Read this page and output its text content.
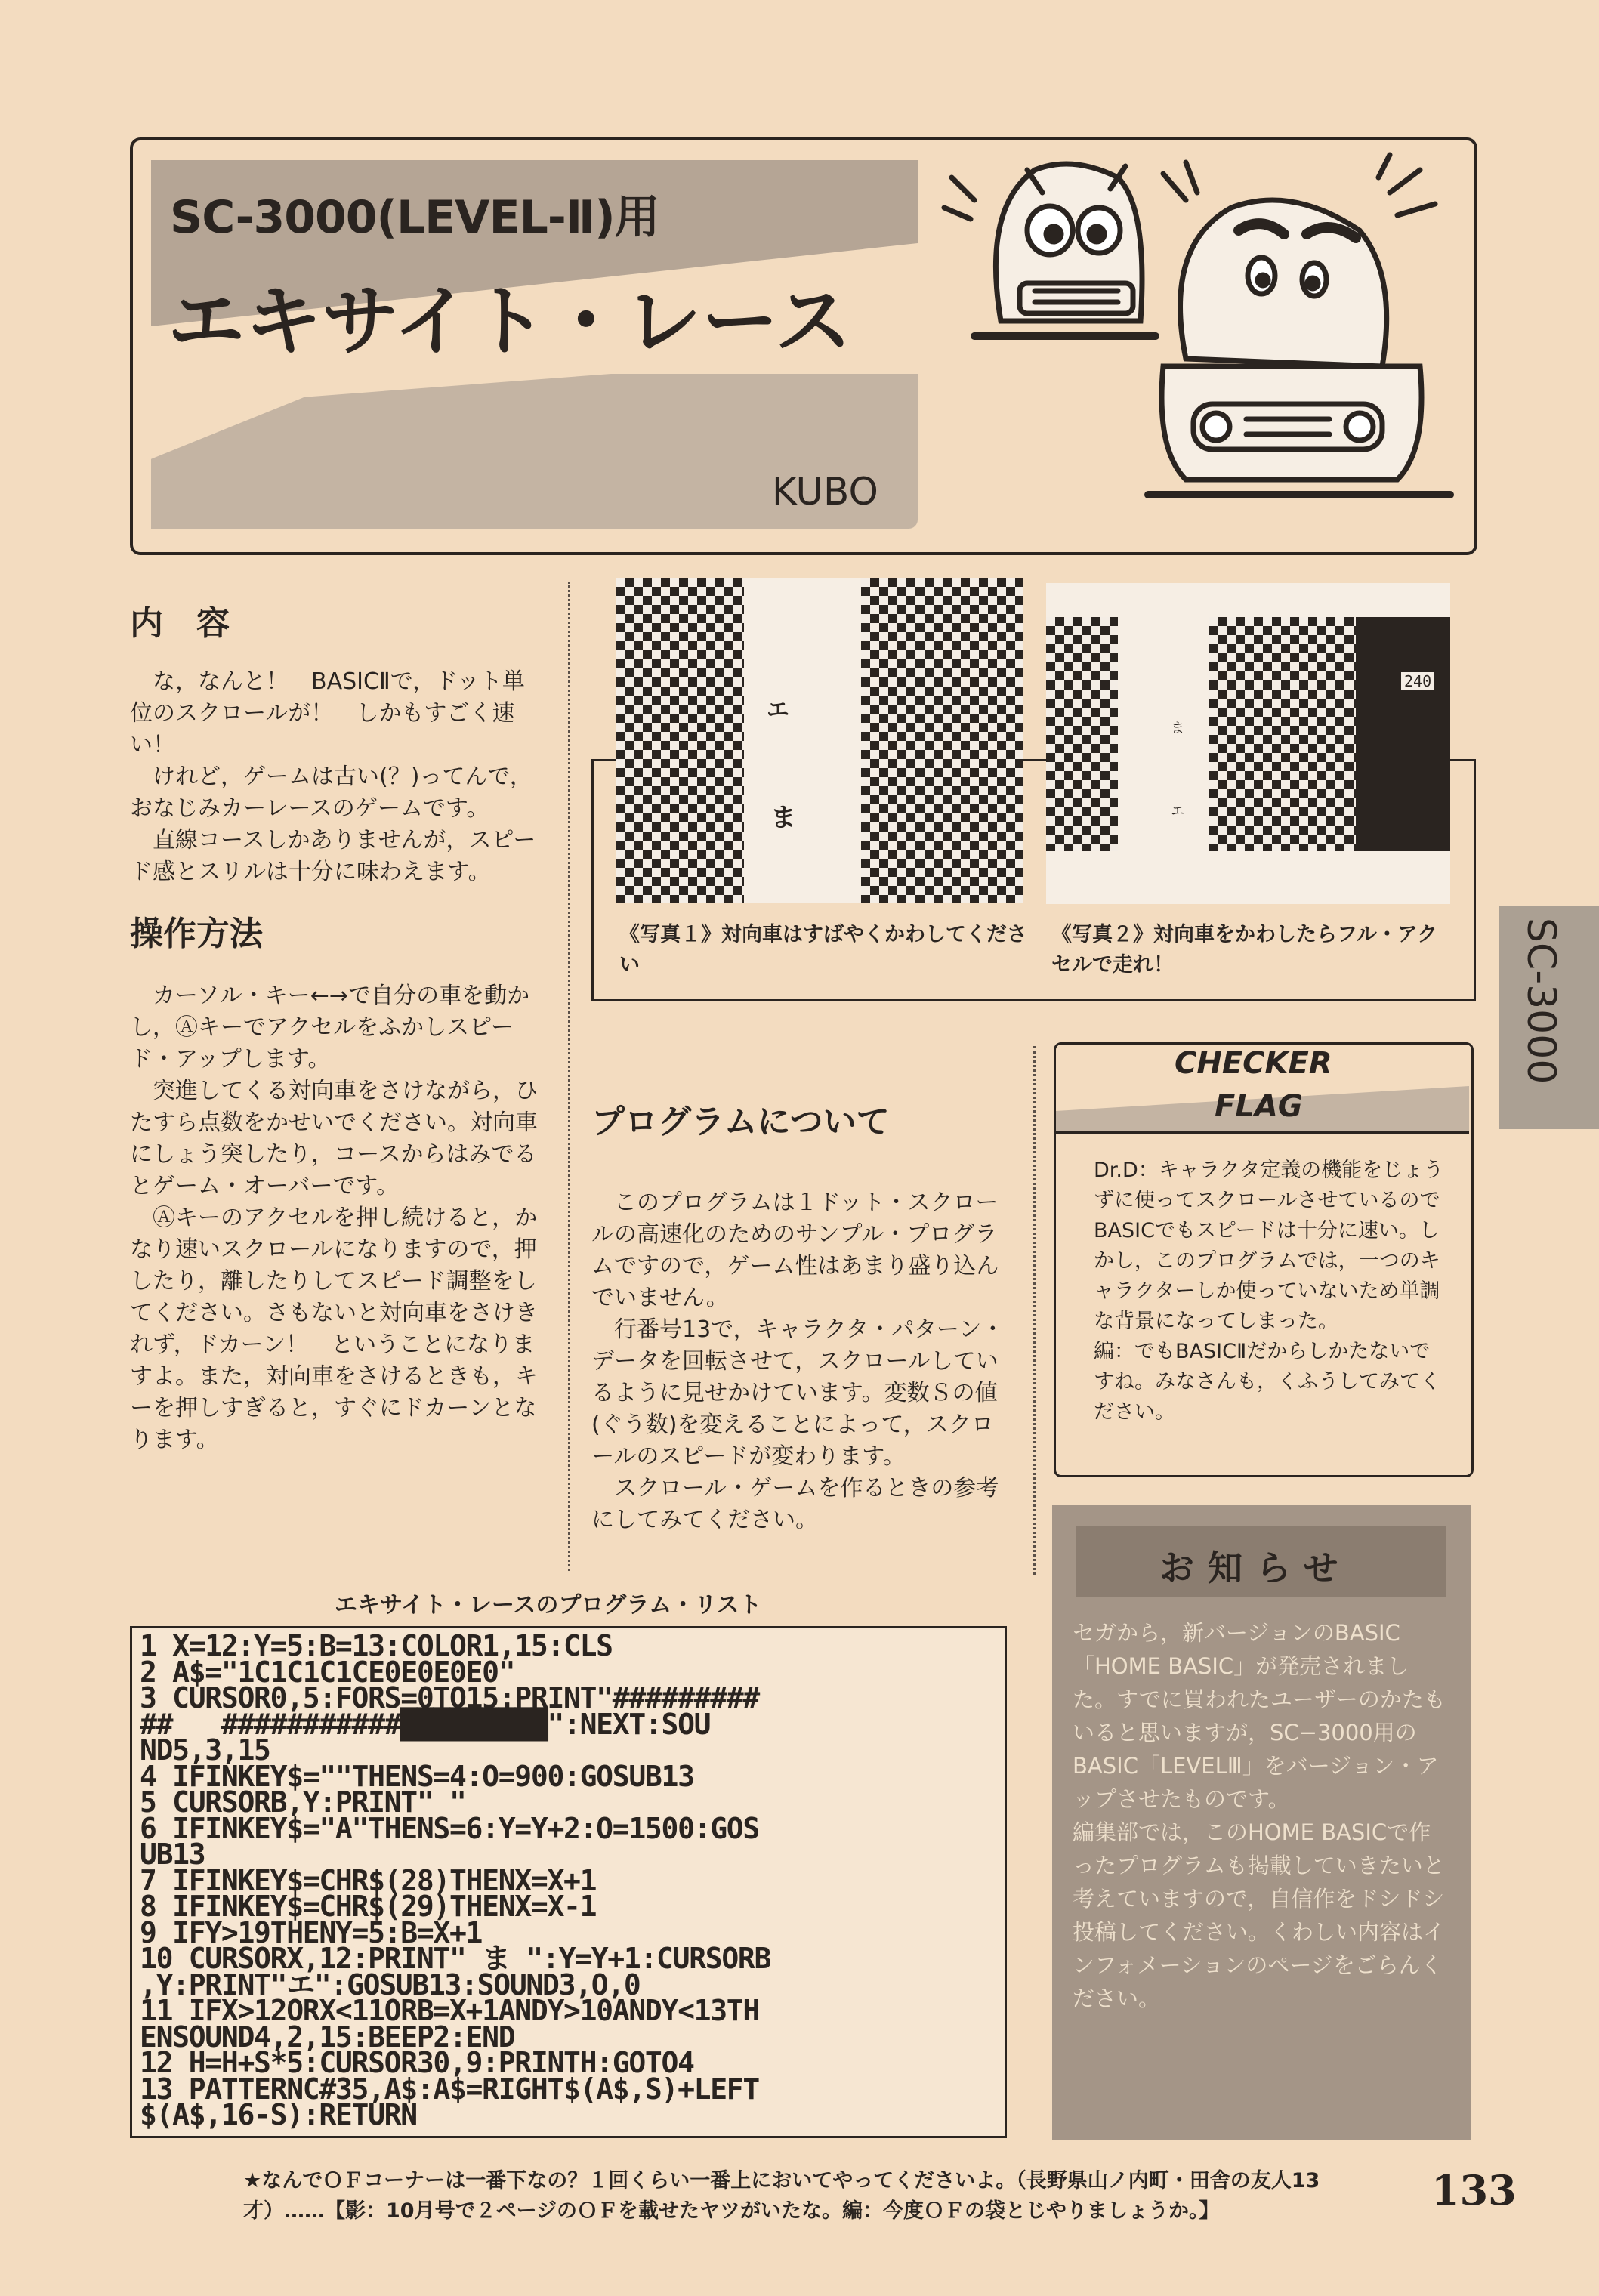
SC-3000(LEVEL-Ⅱ)用
エキサイト・レース
KUBO
SC-3000
内　容
な，なんと！　BASICⅡで，ドット単位のスクロールが！　しかもすごく速い！
けれど，ゲームは古い(？)ってんで，おなじみカーレースのゲームです。
直線コースしかありませんが，スピード感とスリルは十分に味わえます。
操作方法
カーソル・キー←→で自分の車を動かし，Ⓐキーでアクセルをふかしスピード・アップします。
突進してくる対向車をさけながら，ひたすら点数をかせいでください。対向車にしょう突したり，コースからはみでるとゲーム・オーバーです。
Ⓐキーのアクセルを押し続けると，かなり速いスクロールになりますので，押したり，離したりしてスピード調整をしてください。さもないと対向車をさけきれず，ドカーン！　ということになりますよ。また，対向車をさけるときも，キーを押しすぎると，すぐにドカーンとなります。
エ
ま
240
ま
エ
《写真１》対向車はすばやくかわしてください
《写真２》対向車をかわしたらフル・アクセルで走れ！
プログラムについて
このプログラムは１ドット・スクロールの高速化のためのサンプル・プログラムですので，ゲーム性はあまり盛り込んでいません。
行番号13で，キャラクタ・パターン・データを回転させて，スクロールしているように見せかけています。変数Ｓの値(ぐう数)を変えることによって，スクロールのスピードが変わります。
スクロール・ゲームを作るときの参考にしてみてください。
CHECKER
FLAG
Dr.D：キャラクタ定義の機能をじょうずに使ってスクロールさせているのでBASICでもスピードは十分に速い。しかし，このプログラムでは，一つのキャラクターしか使っていないため単調な背景になってしまった。
編：でもBASICⅡだからしかたないですね。みなさんも，くふうしてみてください。
お知らせ
セガから，新バージョンのBASIC「HOME BASIC」が発売されました。すでに買われたユーザーのかたもいると思いますが，SC−3000用のBASIC「LEVELⅢ」をバージョン・アップさせたものです。
編集部では，このHOME BASICで作ったプログラムも掲載していきたいと考えていますので，自信作をドシドシ投稿してください。くわしい内容はインフォメーションのページをごらんください。
エキサイト・レースのプログラム・リスト
1 X=12:Y=5:B=13:COLOR1,15:CLS
2 A$="1C1C1C1CE0E0E0E0"
3 CURSOR0,5:FORS=0TO15:PRINT"#########
##   ###########█████████":NEXT:SOU
ND5,3,15
4 IFINKEY$=""THENS=4:O=900:GOSUB13
5 CURSORB,Y:PRINT" "
6 IFINKEY$="A"THENS=6:Y=Y+2:O=1500:GOS
UB13
7 IFINKEY$=CHR$(28)THENX=X+1
8 IFINKEY$=CHR$(29)THENX=X-1
9 IFY>19THENY=5:B=X+1
10 CURSORX,12:PRINT" ま ":Y=Y+1:CURSORB
,Y:PRINT"エ":GOSUB13:SOUND3,O,0
11 IFX>12ORX<11ORB=X+1ANDY>10ANDY<13TH
ENSOUND4,2,15:BEEP2:END
12 H=H+S*5:CURSOR30,9:PRINTH:GOTO4
13 PATTERNC#35,A$:A$=RIGHT$(A$,S)+LEFT
$(A$,16-S):RETURN
★なんでＯＦコーナーは一番下なの？１回くらい一番上においてやってくださいよ。（長野県山ノ内町・田舎の友人13才）……【影：10月号で２ページのＯＦを載せたヤツがいたな。編：今度ＯＦの袋とじやりましょうか。】	133
